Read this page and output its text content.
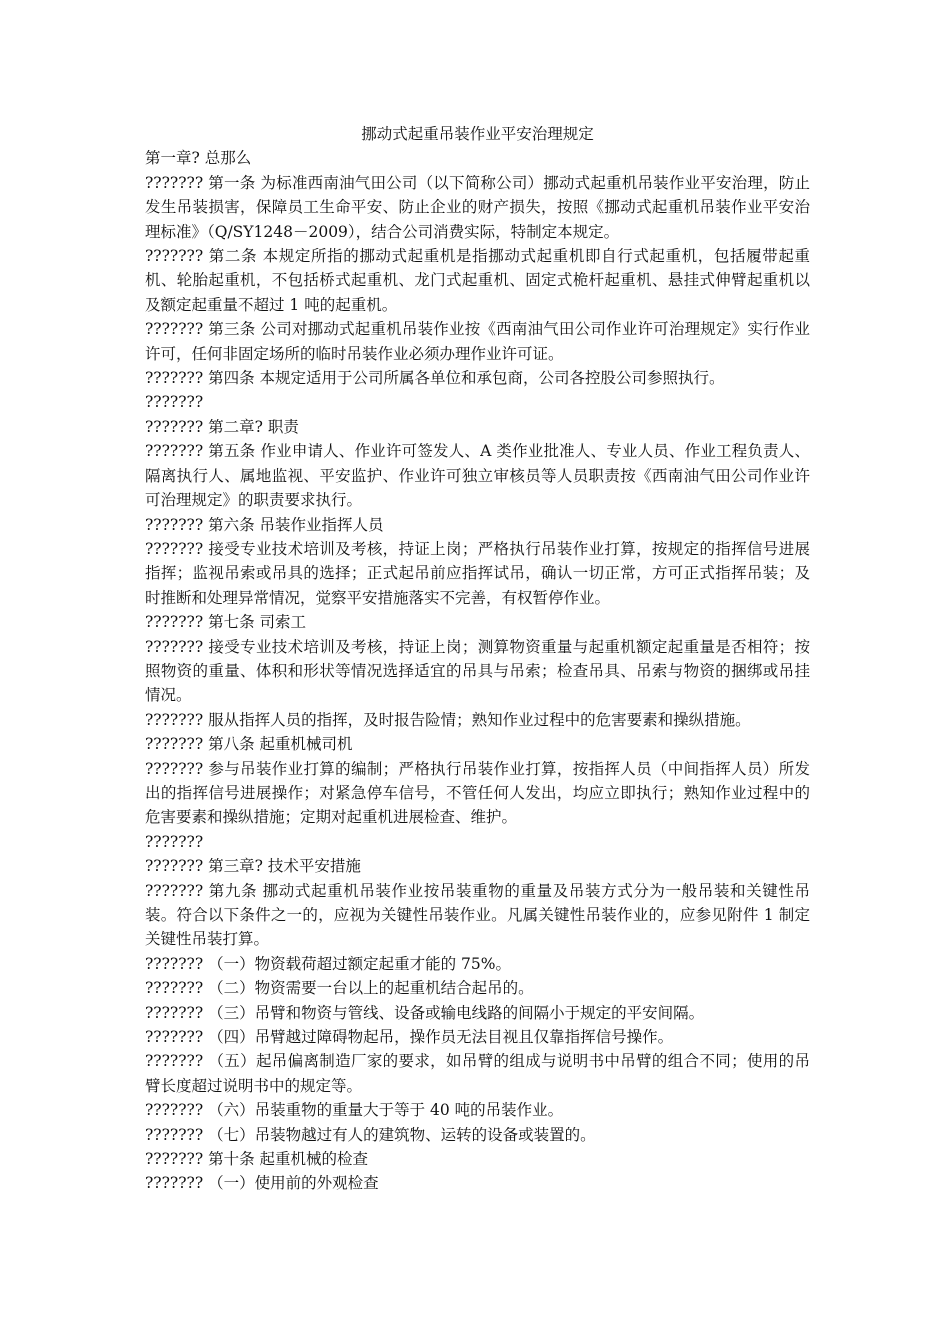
挪动式起重吊装作业平安治理规定

第一章? 总那么

??????? 第一条 为标准西南油气田公司（以下简称公司）挪动式起重机吊装作业平安治理，防止发生吊装损害，保障员工生命平安、防止企业的财产损失，按照《挪动式起重机吊装作业平安治理标准》（Q/SY1248－2009），结合公司消费实际，特制定本规定。

??????? 第二条 本规定所指的挪动式起重机是指挪动式起重机即自行式起重机，包括履带起重机、轮胎起重机，不包括桥式起重机、龙门式起重机、固定式桅杆起重机、悬挂式伸臂起重机以及额定起重量不超过 1 吨的起重机。

??????? 第三条 公司对挪动式起重机吊装作业按《西南油气田公司作业许可治理规定》实行作业许可，任何非固定场所的临时吊装作业必须办理作业许可证。

??????? 第四条 本规定适用于公司所属各单位和承包商，公司各控股公司参照执行。

???????

??????? 第二章? 职责

??????? 第五条 作业申请人、作业许可签发人、A 类作业批准人、专业人员、作业工程负责人、隔离执行人、属地监视、平安监护、作业许可独立审核员等人员职责按《西南油气田公司作业许可治理规定》的职责要求执行。

??????? 第六条 吊装作业指挥人员

??????? 接受专业技术培训及考核，持证上岗；严格执行吊装作业打算，按规定的指挥信号进展指挥；监视吊索或吊具的选择；正式起吊前应指挥试吊，确认一切正常，方可正式指挥吊装；及时推断和处理异常情况，觉察平安措施落实不完善，有权暂停作业。

??????? 第七条 司索工

??????? 接受专业技术培训及考核，持证上岗；测算物资重量与起重机额定起重量是否相符；按照物资的重量、体积和形状等情况选择适宜的吊具与吊索；检查吊具、吊索与物资的捆绑或吊挂情况。

??????? 服从指挥人员的指挥，及时报告险情；熟知作业过程中的危害要素和操纵措施。

??????? 第八条 起重机械司机

??????? 参与吊装作业打算的编制；严格执行吊装作业打算，按指挥人员（中间指挥人员）所发出的指挥信号进展操作；对紧急停车信号，不管任何人发出，均应立即执行；熟知作业过程中的危害要素和操纵措施；定期对起重机进展检查、维护。

???????

??????? 第三章? 技术平安措施

??????? 第九条 挪动式起重机吊装作业按吊装重物的重量及吊装方式分为一般吊装和关键性吊装。符合以下条件之一的，应视为关键性吊装作业。凡属关键性吊装作业的，应参见附件 1 制定关键性吊装打算。

??????? （一）物资载荷超过额定起重才能的 75%。

??????? （二）物资需要一台以上的起重机结合起吊的。

??????? （三）吊臂和物资与管线、设备或输电线路的间隔小于规定的平安间隔。

??????? （四）吊臂越过障碍物起吊，操作员无法目视且仅靠指挥信号操作。

??????? （五）起吊偏离制造厂家的要求，如吊臂的组成与说明书中吊臂的组合不同；使用的吊臂长度超过说明书中的规定等。

??????? （六）吊装重物的重量大于等于 40 吨的吊装作业。

??????? （七）吊装物越过有人的建筑物、运转的设备或装置的。

??????? 第十条 起重机械的检查

??????? （一）使用前的外观检查
